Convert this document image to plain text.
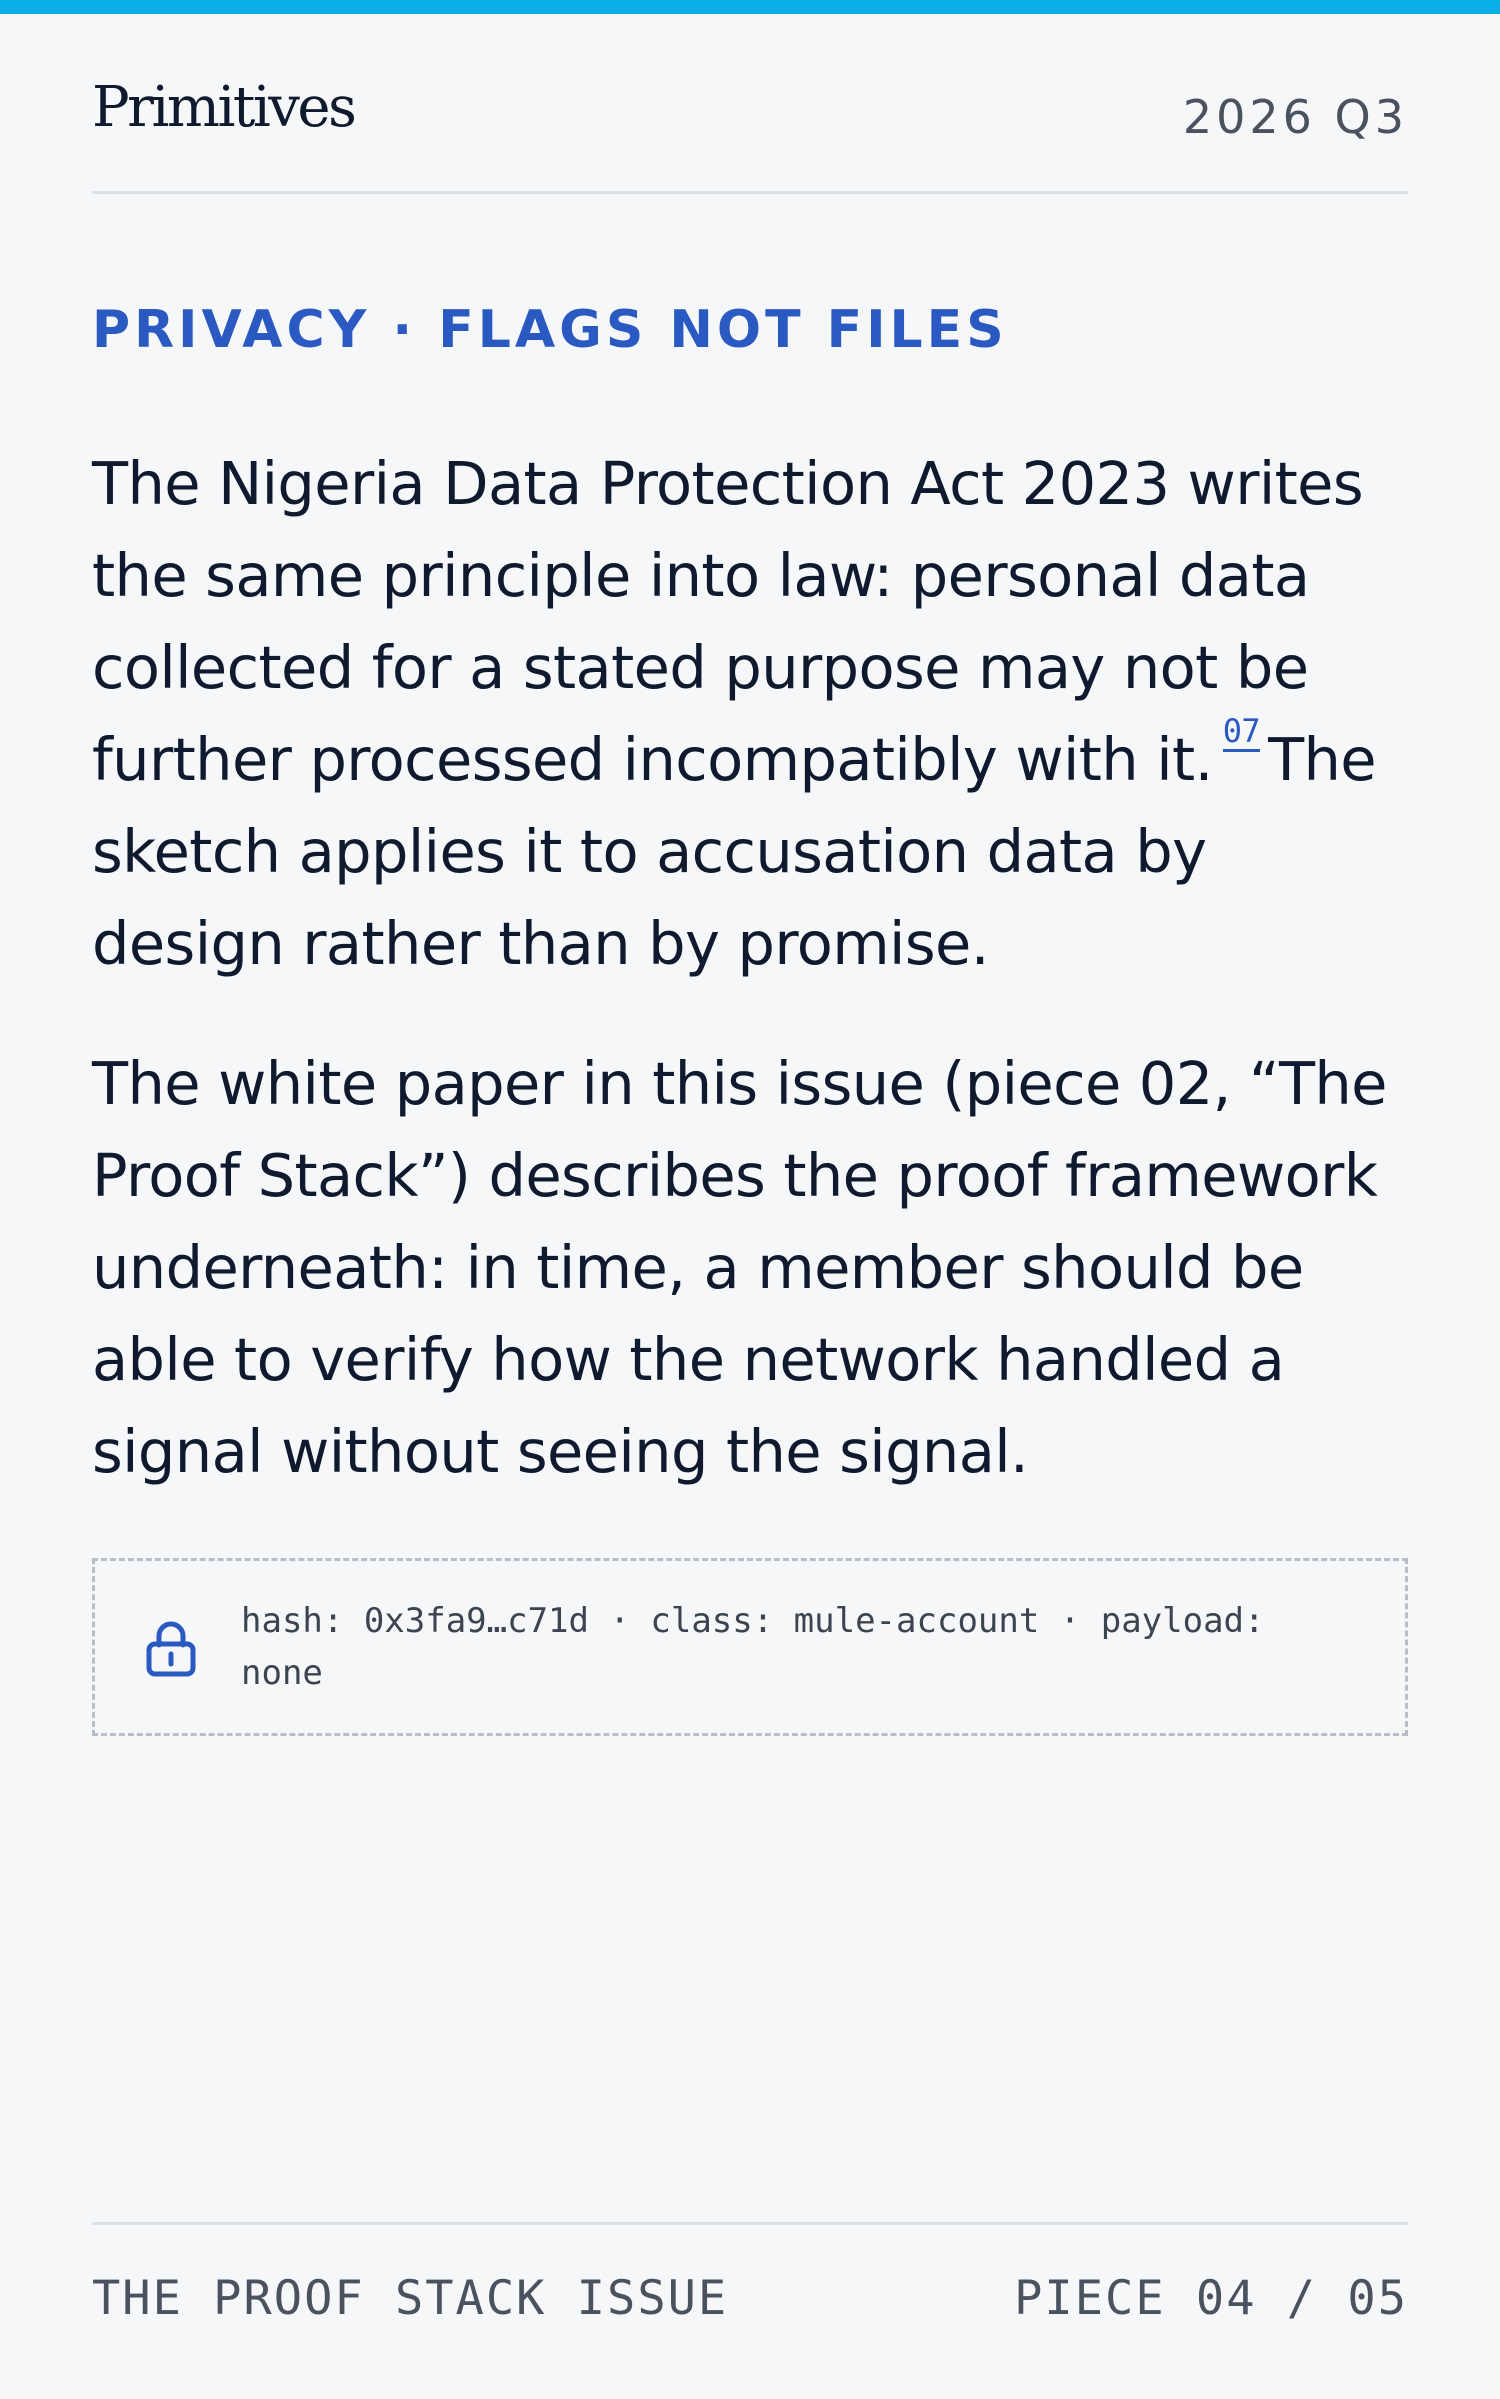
Primitives	2026 Q3
PRIVACY · FLAGS NOT FILES

The Nigeria Data Protection Act 2023 writes the same principle into law: personal data collected for a stated purpose may not be further processed incompatibly with it. 07 The sketch applies it to accusation data by design rather than by promise.

The white paper in this issue (piece 02, “The Proof Stack”) describes the proof framework underneath: in time, a member should be able to verify how the network handled a signal without seeing the signal.

hash: 0x3fa9…c71d · class: mule-account · payload: none
THE PROOF STACK ISSUE	PIECE 04 / 05
